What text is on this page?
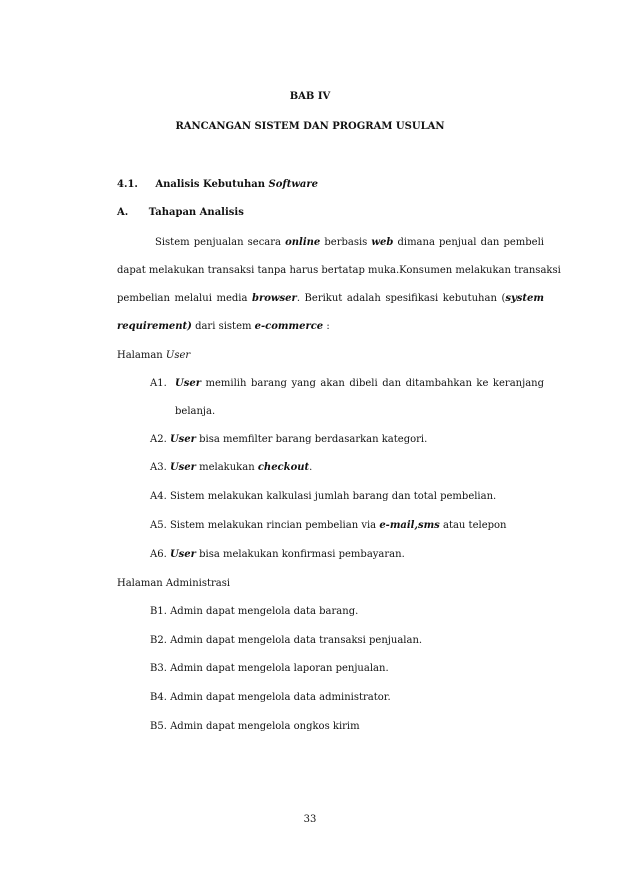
BAB IV
RANCANGAN SISTEM DAN PROGRAM USULAN
4.1. Analisis Kebutuhan Software
A. Tahapan Analisis
Sistem penjualan secara online berbasis web dimana penjual dan pembeli
dapat melakukan transaksi tanpa harus bertatap muka.Konsumen melakukan transaksi
pembelian melalui media browser. Berikut adalah spesifikasi kebutuhan (system
requirement) dari sistem e-commerce :
Halaman User
A1. User memilih barang yang akan dibeli dan ditambahkan ke keranjang
belanja.
A2. User bisa memfilter barang berdasarkan kategori.
A3. User melakukan checkout.
A4. Sistem melakukan kalkulasi jumlah barang dan total pembelian.
A5. Sistem melakukan rincian pembelian via e-mail,sms atau telepon
A6. User bisa melakukan konfirmasi pembayaran.
Halaman Administrasi
B1. Admin dapat mengelola data barang.
B2. Admin dapat mengelola data transaksi penjualan.
B3. Admin dapat mengelola laporan penjualan.
B4. Admin dapat mengelola data administrator.
B5. Admin dapat mengelola ongkos kirim
33
